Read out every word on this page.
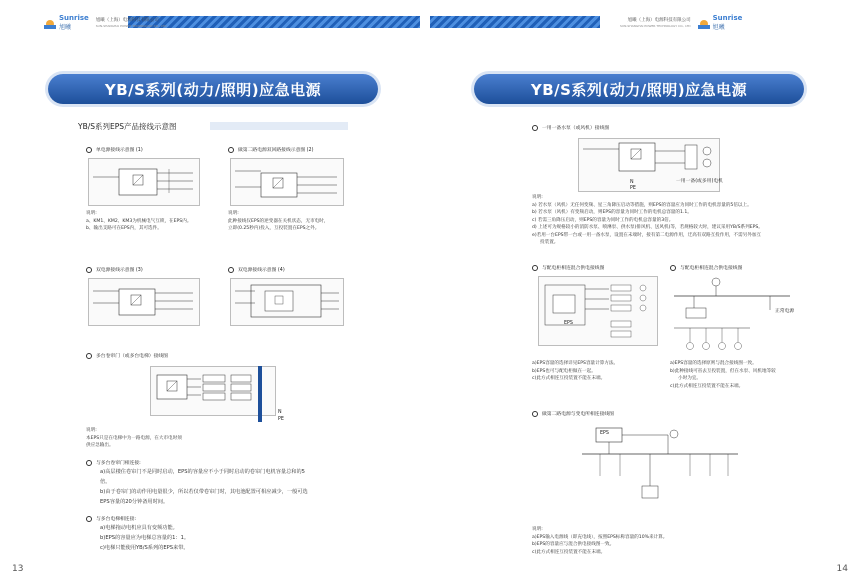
Sunrise
旭曦
旭曦（上海）电源科技有限公司
SUN-SHANGHAI POWER TECHNOLOGY CO., LTD
YB/S系列(动力/照明)应急电源
YB/S系列EPS产品接线示意图
单电源接线示意图 (1)	做第二路电源双回路接线示意图 (2)
说明:
a、KM1、KM2、KM3为机械电气互锁，在EPS内。
b、输出支路可在EPS内，其可选件。
说明:
此种接线仅EPS的逆变器在关机状态，无市电时，
立即(0.25秒内)投入，互投装置在EPS之外。
双电源接线示意图 (3)	双电源接线示意图 (4)
多台卷帘门（或多台电梯）接线图
N
PE
说明:
本EPS只是在电梯中为一路电源，在大市电时须
供应急输出。
与多台卷帘门相连接:
a)高层楼住卷帘门不是同时启动，EPS的容量应不小于同时启动的卷帘门电机容量总和的5
倍。
b)由于卷帘门的动作用电量很少，所以若仅带卷帘门时，其电池配置可相应减少，一般可选
EPS容量的20分钟备用时间。
与多台电梯相连接:
a)电梯拖动电机应具有变频功能。
b)EPS的容量应为电梯总容量的1：1。
c)电梯只能使用YB/S系列的EPS来带。
13
旭曦（上海）电源科技有限公司
SUN-SHANGHAI POWER TECHNOLOGY CO., LTD
Sunrise
旭曦
YB/S系列(动力/照明)应急电源
一用一备水泵（或风机）接线图
一用一备(或多用)电机
N
PE
说明:
a) 若水泵（风机）无任何变频、星三角降压启动等措施，则EPS的容量应为同时工作的电机容量的5倍以上。
b) 若水泵（风机）有变频启动，则EPS的容量为同时工作的电机总容量的1.1。
c) 若需三角降压启动，则EPS的容量为同时工作的电机总容量的3倍。
d) 上述可为规格较小的消防水泵、喷淋泵、供水泵(排风机、送风机)等，若规格较大时，建议采用YB/S系列EPS。
e)若用一台EPS带一台或一用一备水泵，设置在末端时，接有第二电源作用，迁高有双路互投作用，不需另外加互
投装置。
与配电柜相连混合供电接线图
EPS
a)EPS容量的选择详见EPS容量计算方法。
b)EPS也可与配电柜做在一起。
c)此方式相连互投装置不能在末端。
与配电柜相连混合供电接线图
正常电源
a)EPS容量的选择原则与混合接线图一致。
b)此种接线可省去互投装置，但在水泵、风机地等较
小时为宜。
c)此方式相连互投装置不能在末端。
做第二路电源与变电所相连接线图
EPS
说明:
a)EPS输入电源线（即充电线），按照EPS标称容量的10%来计算。
b)EPS的容量应与混合供电接线图一致。
c)此方式相连互投装置不能在末端。
14
